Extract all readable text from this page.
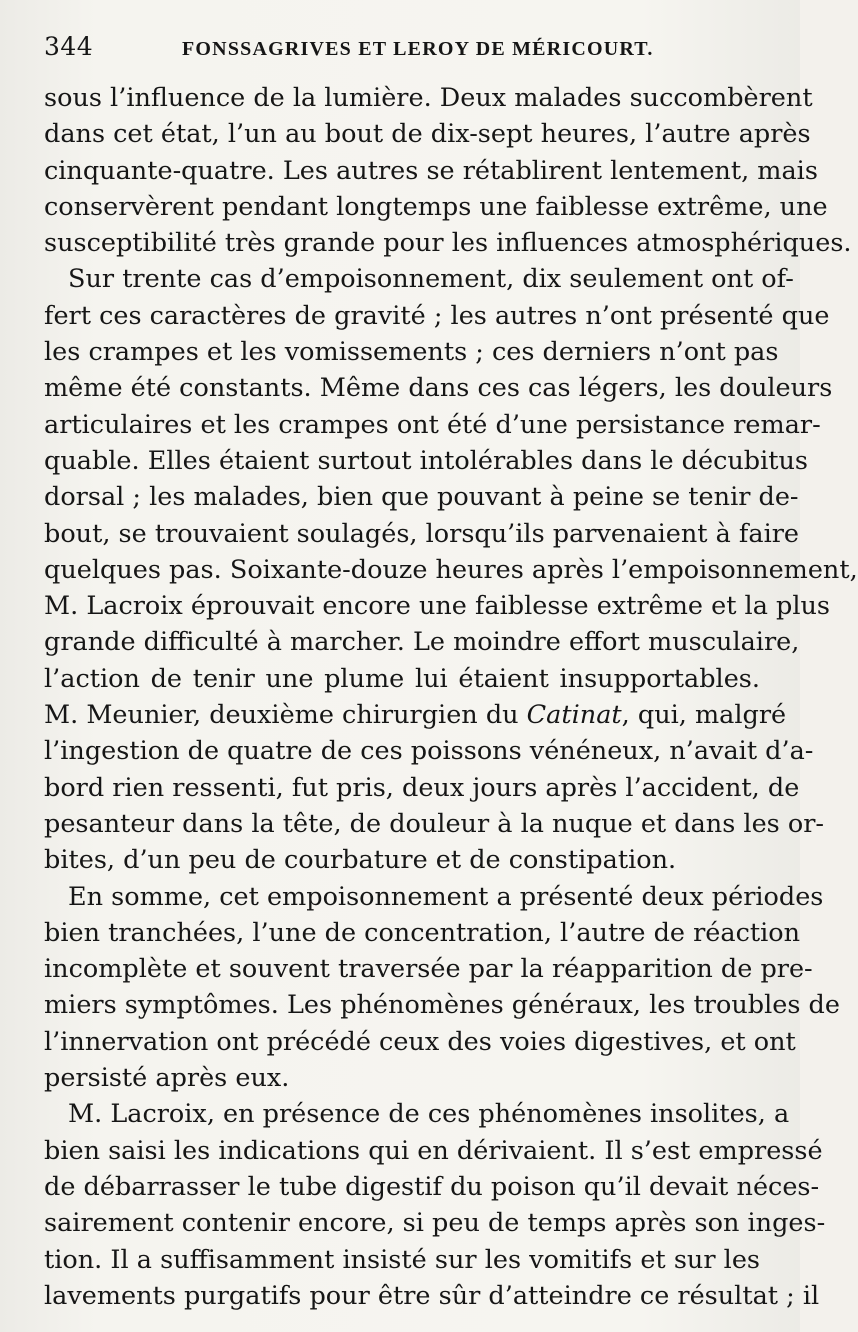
344	FONSSAGRIVES ET LEROY DE MÉRICOURT.
sous l’influence de la lumière. Deux malades succombèrent
dans cet état, l’un au bout de dix-sept heures, l’autre après
cinquante-quatre. Les autres se rétablirent lentement, mais
conservèrent pendant longtemps une faiblesse extrême, une
susceptibilité très grande pour les influences atmosphériques.
Sur trente cas d’empoisonnement, dix seulement ont of-
fert ces caractères de gravité ; les autres n’ont présenté que
les crampes et les vomissements ; ces derniers n’ont pas
même été constants. Même dans ces cas légers, les douleurs
articulaires et les crampes ont été d’une persistance remar-
quable. Elles étaient surtout intolérables dans le décubitus
dorsal ; les malades, bien que pouvant à peine se tenir de-
bout, se trouvaient soulagés, lorsqu’ils parvenaient à faire
quelques pas. Soixante-douze heures après l’empoisonnement,
M. Lacroix éprouvait encore une faiblesse extrême et la plus
grande difficulté à marcher. Le moindre effort musculaire,
l’action de tenir une plume lui étaient insupportables.
M. Meunier, deuxième chirurgien du Catinat, qui, malgré
l’ingestion de quatre de ces poissons vénéneux, n’avait d’a-
bord rien ressenti, fut pris, deux jours après l’accident, de
pesanteur dans la tête, de douleur à la nuque et dans les or-
bites, d’un peu de courbature et de constipation.
En somme, cet empoisonnement a présenté deux périodes
bien tranchées, l’une de concentration, l’autre de réaction
incomplète et souvent traversée par la réapparition de pre-
miers symptômes. Les phénomènes généraux, les troubles de
l’innervation ont précédé ceux des voies digestives, et ont
persisté après eux.
M. Lacroix, en présence de ces phénomènes insolites, a
bien saisi les indications qui en dérivaient. Il s’est empressé
de débarrasser le tube digestif du poison qu’il devait néces-
sairement contenir encore, si peu de temps après son inges-
tion. Il a suffisamment insisté sur les vomitifs et sur les
lavements purgatifs pour être sûr d’atteindre ce résultat ; il
